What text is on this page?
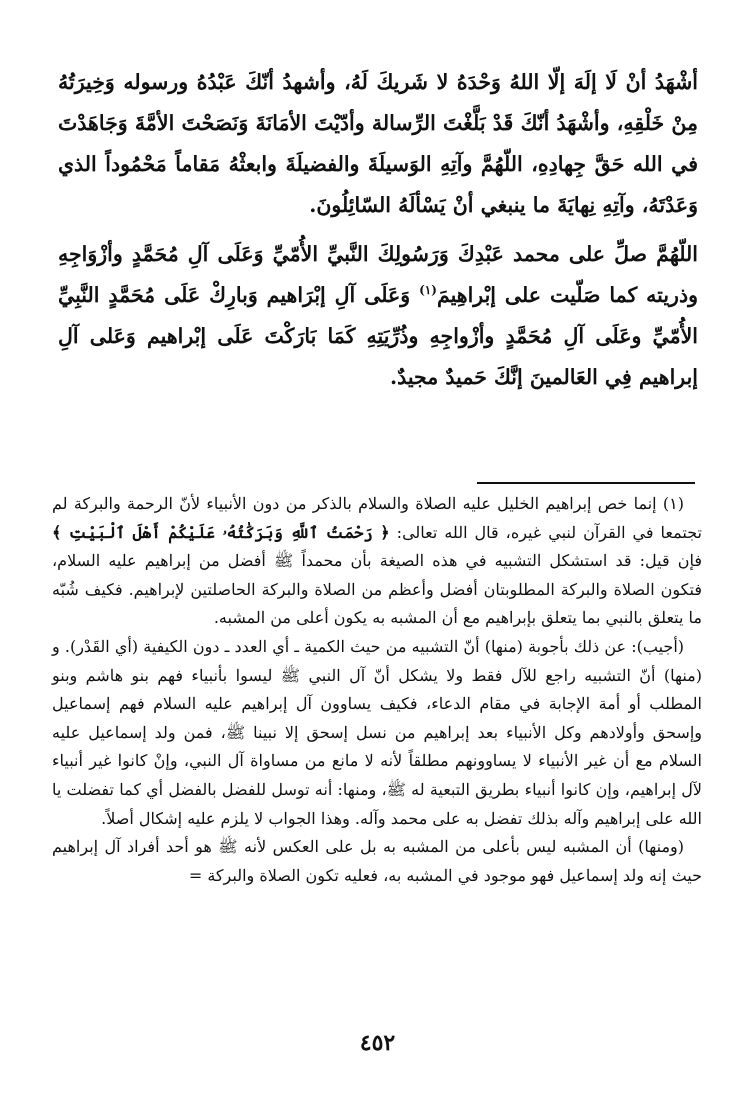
أشْهَدُ أنْ لَا إلَهَ إلّا اللهُ وَحْدَهُ لا شَريكَ لَهُ، وأشهدُ أنّكَ عَبْدُهُ ورسوله وَخِيرَتُهُ مِنْ خَلْقِهِ، وأشْهَدُ أنّكَ قَدْ بَلَّغْتَ الرِّسالة وأدّيْتَ الأمَانَةَ وَنَصَحْتَ الأمَّةَ وَجَاهَدْتَ في الله حَقَّ جِهادِهِ، اللّهُمَّ وآتِهِ الوَسيلَةَ والفضيلَةَ وابعثْهُ مَقاماً مَحْمُوداً الذي وَعَدْتَهُ، وآتِهِ نِهايَةَ ما ينبغي أنْ يَسْألَهُ السّائِلُونَ.

اللّهُمَّ صلِّ على محمد عَبْدِكَ وَرَسُولِكَ النَّبيِّ الأُمّيِّ وَعَلَى آلِ مُحَمَّدٍ وأزْوَاجِهِ وذريته كما صَلّيت على إبْراهِيمَ$^{(١)}$ وَعَلَى آلِ إبْرَاهيم وَبارِكْ عَلَى مُحَمَّدٍ النَّبِيِّ الأُمّيِّ وعَلَى آلِ مُحَمَّدٍ وأزْواجِهِ وذُرِّيَتِهِ كَمَا بَارَكْتَ عَلَى إبْراهيم وَعَلى آلِ إبراهيم فِي العَالمينَ إنَّكَ حَميدٌ مجيدٌ.

(١) إنما خص إبراهيم الخليل عليه الصلاة والسلام بالذكر من دون الأنبياء لأنّ الرحمة والبركة لم تجتمعا في القرآن لنبي غيره، قال الله تعالى: ﴿ رَحْمَتُ ٱللَّهِ وَبَرَكَٰتُهُۥ عَلَيْكُمْ أَهْلَ ٱلْبَيْتِ ﴾ فإن قيل: قد استشكل التشبيه في هذه الصيغة بأن محمداً ﷺ أفضل من إبراهيم عليه السلام، فتكون الصلاة والبركة المطلوبتان أفضل وأعظم من الصلاة والبركة الحاصلتين لإبراهيم. فكيف شُبّه ما يتعلق بالنبي بما يتعلق بإبراهيم مع أن المشبه به يكون أعلى من المشبه.

(أجيب): عن ذلك بأجوبة (منها) أنّ التشبيه من حيث الكمية ـ أي العدد ـ دون الكيفية (أي القَدْر). و (منها) أنّ التشبيه راجع للآل فقط ولا يشكل أنّ آل النبي ﷺ ليسوا بأنبياء فهم بنو هاشم وبنو المطلب أو أمة الإجابة في مقام الدعاء، فكيف يساوون آل إبراهيم عليه السلام فهم إسماعيل وإسحق وأولادهم وكل الأنبياء بعد إبراهيم من نسل إسحق إلا نبينا ﷺ، فمن ولد إسماعيل عليه السلام مع أن غير الأنبياء لا يساوونهم مطلقاً لأنه لا مانع من مساواة آل النبي، وإنْ كانوا غير أنبياء لآل إبراهيم، وإن كانوا أنبياء بطريق التبعية له ﷺ، ومنها: أنه توسل للفضل بالفضل أي كما تفضلت يا الله على إبراهيم وآله بذلك تفضل به على محمد وآله. وهذا الجواب لا يلزم عليه إشكال أصلاً.

(ومنها) أن المشبه ليس بأعلى من المشبه به بل على العكس لأنه ﷺ هو أحد أفراد آل إبراهيم حيث إنه ولد إسماعيل فهو موجود في المشبه به، فعليه تكون الصلاة والبركة =

٤٥٢
